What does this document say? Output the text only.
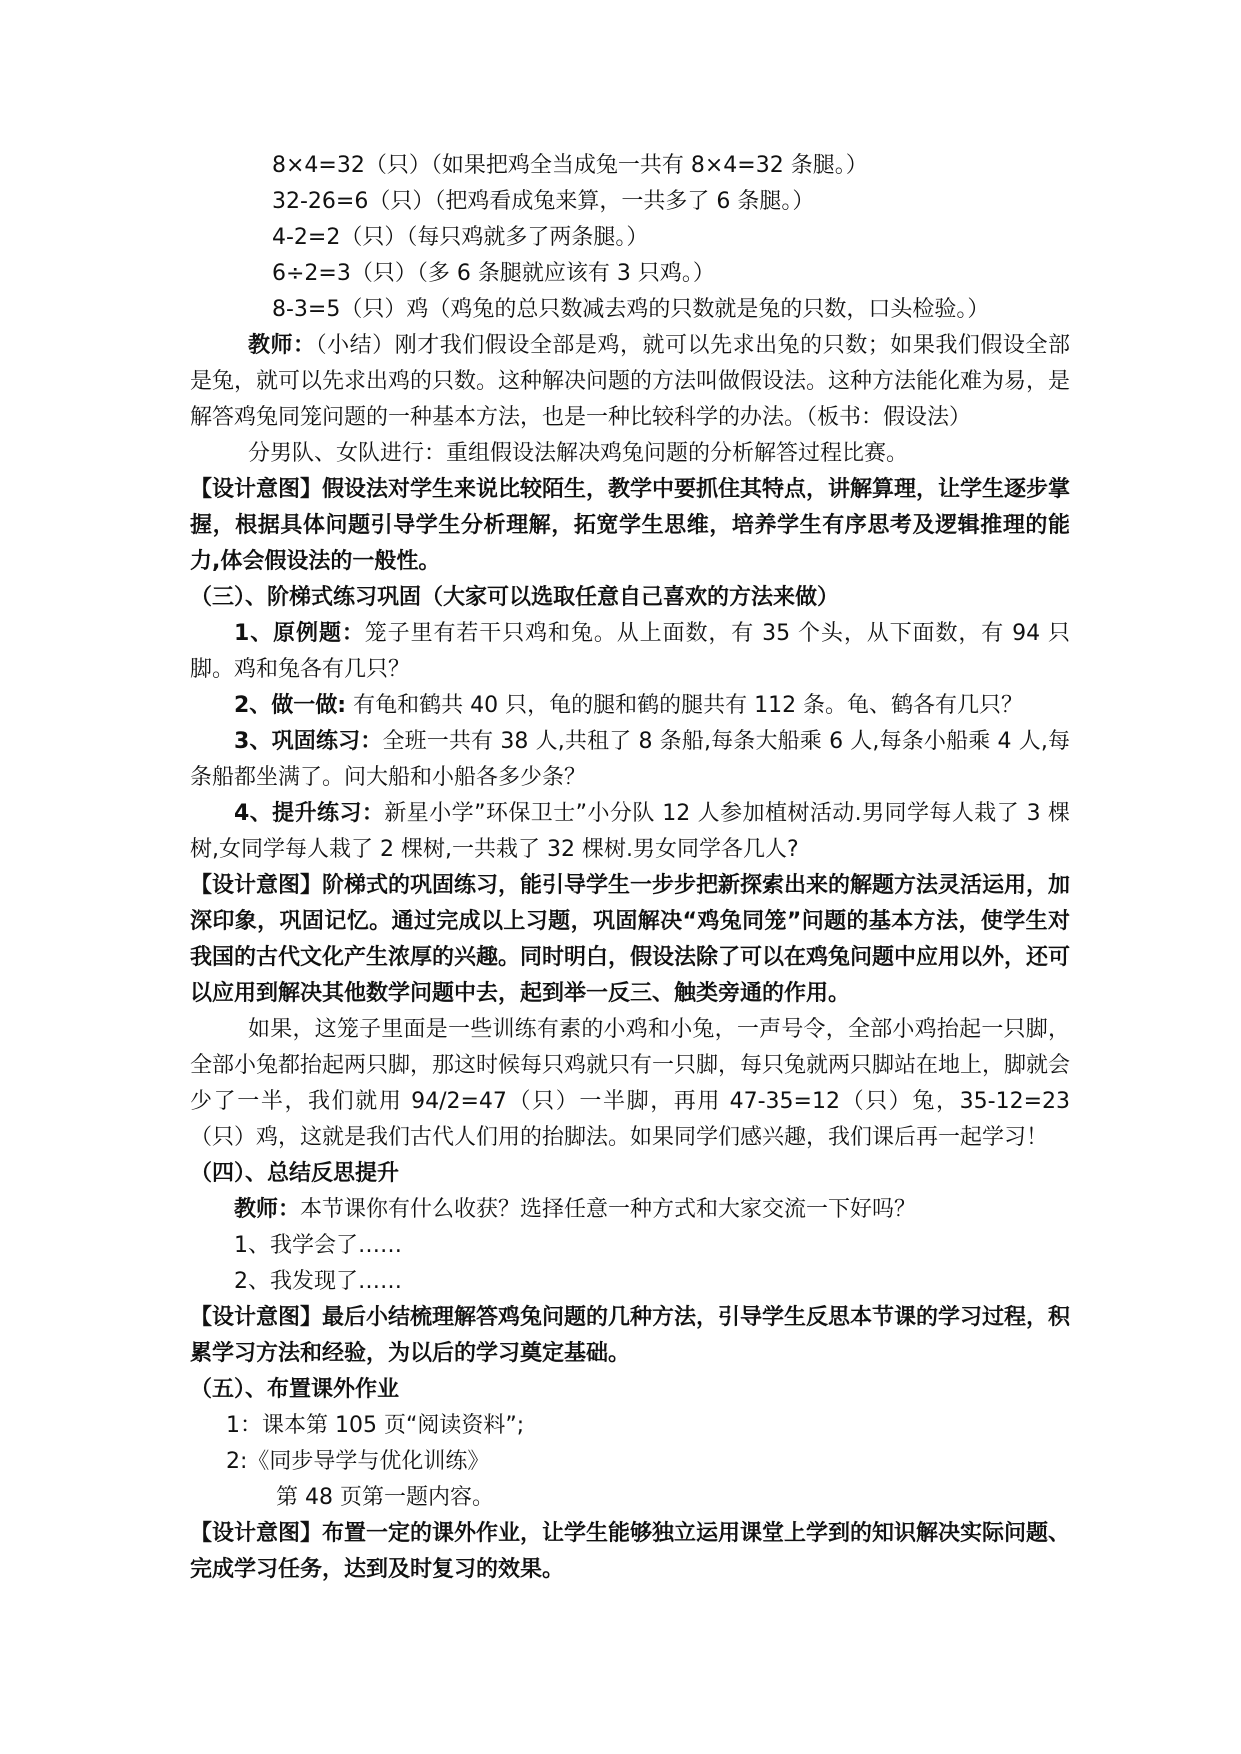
8×4=32（只）（如果把鸡全当成兔一共有 8×4=32 条腿。）
32-26=6（只）（把鸡看成兔来算，一共多了 6 条腿。）
4-2=2（只）（每只鸡就多了两条腿。）
6÷2=3（只）（多 6 条腿就应该有 3 只鸡。）
8-3=5（只）鸡（鸡兔的总只数减去鸡的只数就是兔的只数，口头检验。）
教师：（小结）刚才我们假设全部是鸡，就可以先求出兔的只数；如果我们假设全部是兔，就可以先求出鸡的只数。这种解决问题的方法叫做假设法。这种方法能化难为易，是解答鸡兔同笼问题的一种基本方法，也是一种比较科学的办法。（板书：假设法）
分男队、女队进行：重组假设法解决鸡兔问题的分析解答过程比赛。
【设计意图】假设法对学生来说比较陌生，教学中要抓住其特点，讲解算理，让学生逐步掌握，根据具体问题引导学生分析理解，拓宽学生思维，培养学生有序思考及逻辑推理的能力,体会假设法的一般性。
（三）、阶梯式练习巩固（大家可以选取任意自己喜欢的方法来做）
1、原例题：笼子里有若干只鸡和兔。从上面数，有 35 个头，从下面数，有 94 只脚。鸡和兔各有几只？
2、做一做: 有龟和鹤共 40 只，龟的腿和鹤的腿共有 112 条。龟、鹤各有几只？
3、巩固练习：全班一共有 38 人,共租了 8 条船,每条大船乘 6 人,每条小船乘 4 人,每条船都坐满了。问大船和小船各多少条？
4、提升练习：新星小学”环保卫士”小分队 12 人参加植树活动.男同学每人栽了 3 棵树,女同学每人栽了 2 棵树,一共栽了 32 棵树.男女同学各几人?
【设计意图】阶梯式的巩固练习，能引导学生一步步把新探索出来的解题方法灵活运用，加深印象，巩固记忆。通过完成以上习题，巩固解决“鸡兔同笼”问题的基本方法，使学生对我国的古代文化产生浓厚的兴趣。同时明白，假设法除了可以在鸡兔问题中应用以外，还可以应用到解决其他数学问题中去，起到举一反三、触类旁通的作用。
如果，这笼子里面是一些训练有素的小鸡和小兔，一声号令，全部小鸡抬起一只脚，全部小兔都抬起两只脚，那这时候每只鸡就只有一只脚，每只兔就两只脚站在地上，脚就会少了一半，我们就用 94/2=47（只）一半脚，再用 47-35=12（只）兔，35-12=23（只）鸡，这就是我们古代人们用的抬脚法。如果同学们感兴趣，我们课后再一起学习！
（四）、总结反思提升
教师：本节课你有什么收获？选择任意一种方式和大家交流一下好吗？
1、我学会了……
2、我发现了……
【设计意图】最后小结梳理解答鸡兔问题的几种方法，引导学生反思本节课的学习过程，积累学习方法和经验，为以后的学习奠定基础。
（五）、布置课外作业
1：课本第 105 页“阅读资料”;
2:《同步导学与优化训练》
第 48 页第一题内容。
【设计意图】布置一定的课外作业，让学生能够独立运用课堂上学到的知识解决实际问题、完成学习任务，达到及时复习的效果。
